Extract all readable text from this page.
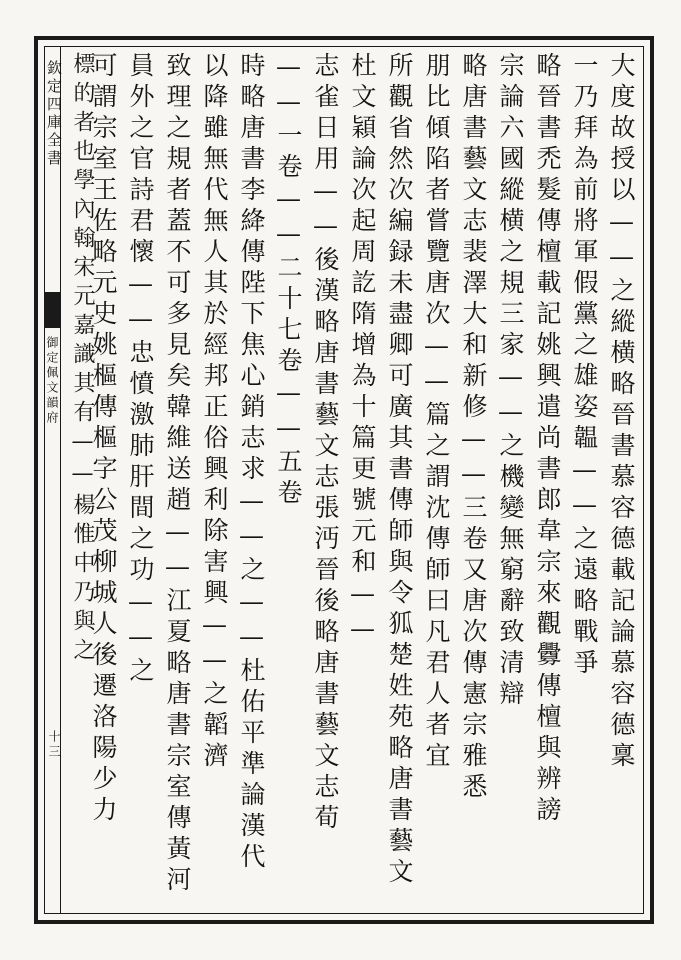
欽定四庫全書
御定佩文韻府
十三	大度故授以——之縱横略晉書慕容德載記論慕容德稟
一乃拜為前將軍假黨之雄姿韞——之遠略戰爭
略晉書禿髮傳檀載記姚興遣尚書郎韋宗來觀釁傳檀與辨謗
宗論六國縱横之規三家——之機變無窮辭致清辯
略唐書藝文志裴澤大和新修——三卷又唐次傳憲宗雅悉
朋比傾陷者嘗覽唐次——篇之謂沈傳師曰凡君人者宜
所觀省然次編録未盡卿可廣其書傳師與令狐楚姓苑略唐書藝文
杜文穎論次起周訖隋增為十篇更號元和——
志雀日用——後漢略唐書藝文志張沔晉後略唐書藝文志荀
——一卷——二十七卷——五卷
時略唐書李絳傳陛下焦心銷志求——之——杜佑平準論漢代
以降雖無代無人其於經邦正俗興利除害興——之韜濟
致理之規者蓋不可多見矣韓維送趙——江夏略唐書宗室傳黃河
員外之官詩君懷——忠憤激肺肝間之功——之
可謂宗室王佐略元史姚樞傳樞字公茂柳城人後遷洛陽少力
標的者也學內翰宋元嘉識其有——楊惟中乃與之
